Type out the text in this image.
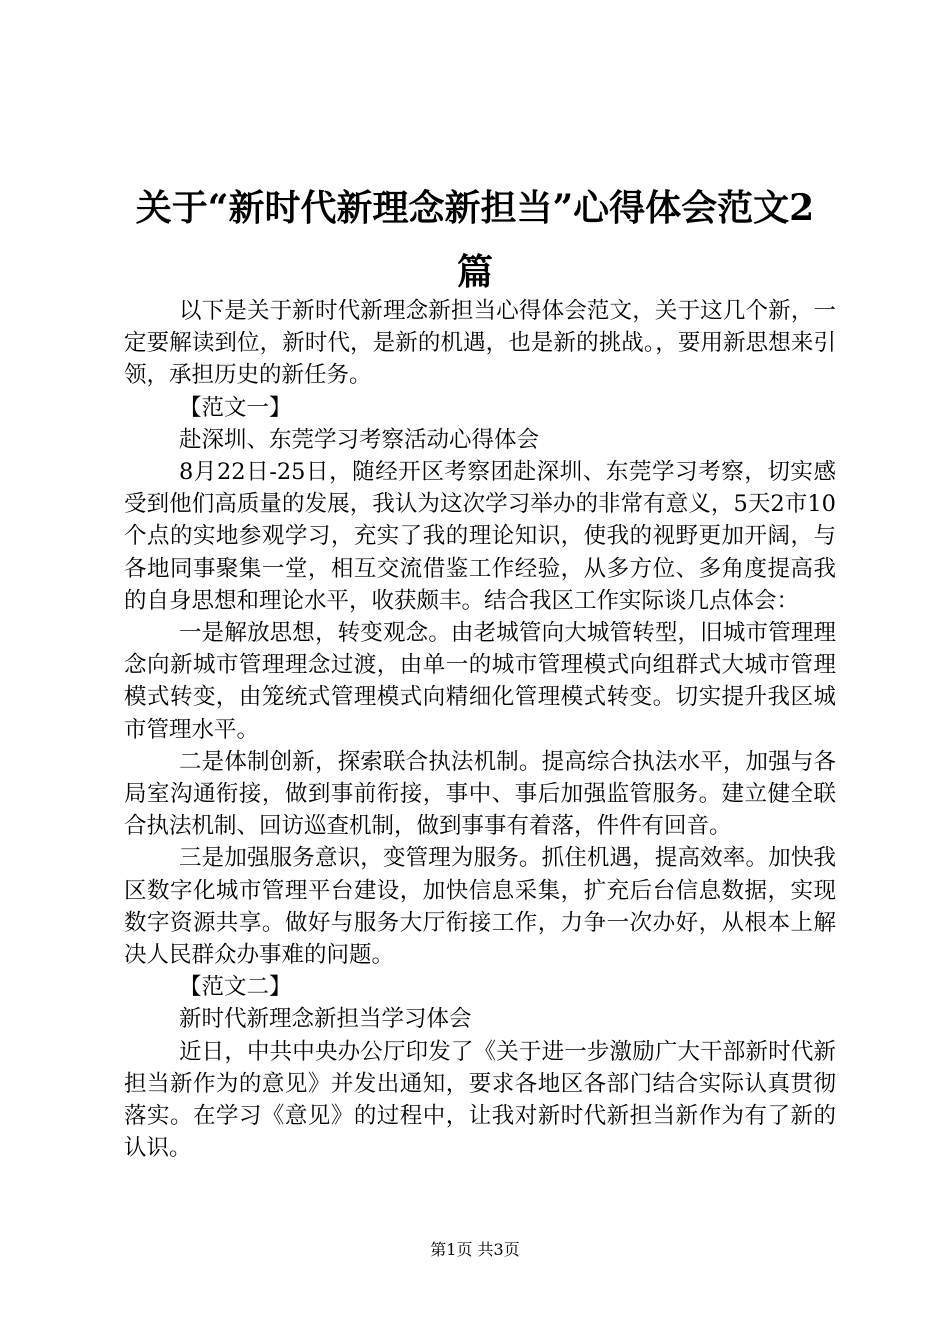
关于“新时代新理念新担当”心得体会范文2
篇

以下是关于新时代新理念新担当心得体会范文，关于这几个新，一定要解读到位，新时代，是新的机遇，也是新的挑战。，要用新思想来引领，承担历史的新任务。

【范文一】

赴深圳、东莞学习考察活动心得体会

8月22日-25日，随经开区考察团赴深圳、东莞学习考察，切实感受到他们高质量的发展，我认为这次学习举办的非常有意义，5天2市10个点的实地参观学习，充实了我的理论知识，使我的视野更加开阔，与各地同事聚集一堂，相互交流借鉴工作经验，从多方位、多角度提高我的自身思想和理论水平，收获颇丰。结合我区工作实际谈几点体会：

一是解放思想，转变观念。由老城管向大城管转型，旧城市管理理念向新城市管理理念过渡，由单一的城市管理模式向组群式大城市管理模式转变，由笼统式管理模式向精细化管理模式转变。切实提升我区城市管理水平。

二是体制创新，探索联合执法机制。提高综合执法水平，加强与各局室沟通衔接，做到事前衔接，事中、事后加强监管服务。建立健全联合执法机制、回访巡查机制，做到事事有着落，件件有回音。

三是加强服务意识，变管理为服务。抓住机遇，提高效率。加快我区数字化城市管理平台建设，加快信息采集，扩充后台信息数据，实现数字资源共享。做好与服务大厅衔接工作，力争一次办好，从根本上解决人民群众办事难的问题。

【范文二】

新时代新理念新担当学习体会

近日，中共中央办公厅印发了《关于进一步激励广大干部新时代新担当新作为的意见》并发出通知，要求各地区各部门结合实际认真贯彻落实。在学习《意见》的过程中，让我对新时代新担当新作为有了新的认识。

第1页 共3页
